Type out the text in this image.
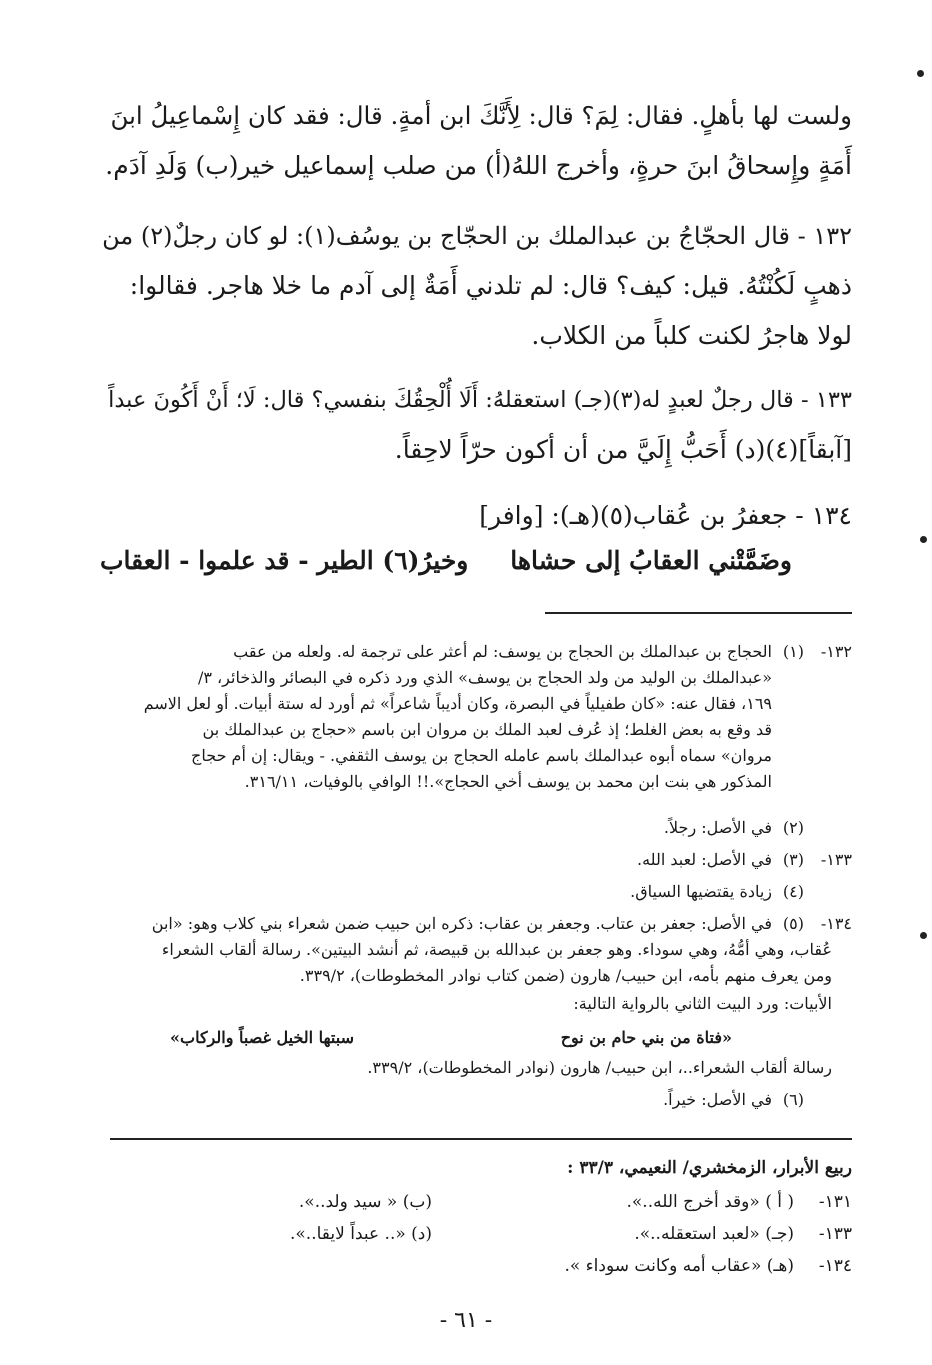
ولست لها بأهلٍ. فقال: لِمَ؟ قال: لِأَنَّكَ ابن أمةٍ. قال: فقد كان إِسْماعِيلُ ابنَ
أَمَةٍ وإِسحاقُ ابنَ حرةٍ، وأخرج اللهُ(أ) من صلب إسماعيل خير(ب) وَلَدِ آدَم.
١٣٢ - قال الحجّاجُ بن عبدالملك بن الحجّاج بن يوسُف(١): لو كان رجلٌ(٢) من
ذهبٍ لَكُنْتُهُ. قيل: كيف؟ قال: لم تلدني أَمَةٌ إلى آدم ما خلا هاجر. فقالوا:
لولا هاجرُ لكنت كلباً من الكلاب.
١٣٣ - قال رجلٌ لعبدٍ له(٣)(جـ) استعقلهُ: أَلَا أُلْحِقُكَ بنفسي؟ قال: لَا؛ أَنْ أَكُونَ عبداً
[آبقاً](٤)(د) أَحَبُّ إِلَيَّ من أن أكون حرّاً لاحِقاً.
١٣٤ - جعفرُ بن عُقاب(٥)(هـ): [وافر]
وضَمَّتْني العقابُ إلى حشاها
وخيرُ(٦) الطير - قد علموا - العقاب
١٣٢-(١)الحجاج بن عبدالملك بن الحجاج بن يوسف: لم أعثر على ترجمة له. ولعله من عقب
«عبدالملك بن الوليد من ولد الحجاج بن يوسف» الذي ورد ذكره في البصائر والذخائر، ٣/
١٦٩، فقال عنه: «كان طفيلياً في البصرة، وكان أديباً شاعراً» ثم أورد له ستة أبيات. أو لعل الاسم
قد وقع به بعض الغلط؛ إذ عُرف لعبد الملك بن مروان ابن باسم «حجاج بن عبدالملك بن
مروان» سماه أبوه عبدالملك باسم عامله الحجاج بن يوسف الثقفي. - ويقال: إن أم حجاج
المذكور هي بنت ابن محمد بن يوسف أخي الحجاج».!! الوافي بالوفيات، ٣١٦/١١.
(٢)في الأصل: رجلاً.
١٣٣-(٣)في الأصل: لعبد الله.
(٤)زيادة يقتضيها السياق.
١٣٤-(٥)في الأصل: جعفر بن عتاب. وجعفر بن عقاب: ذكره ابن حبيب ضمن شعراء بني كلاب وهو: «ابن
عُقاب، وهي أمُّهُ، وهي سوداء. وهو جعفر بن عبدالله بن قبيصة، ثم أنشد البيتين». رسالة ألقاب الشعراء
ومن يعرف منهم بأمه، ابن حبيب/ هارون (ضمن كتاب نوادر المخطوطات)، ٣٣٩/٢.
الأبيات: ورد البيت الثاني بالرواية التالية:
«فتاة من بني حام بن نوح
سبتها الخيل غصباً والركاب»
رسالة ألقاب الشعراء..، ابن حبيب/ هارون (نوادر المخطوطات)، ٣٣٩/٢.
(٦)في الأصل: خيراً.
ربيع الأبرار، الزمخشري/ النعيمي، ٣٣/٣ :
١٣١-
( أ ) «وقد أخرج الله..».
(ب) « سيد ولد..».
١٣٣-
(جـ) «لعبد استعقله..».
(د) «.. عبداً لايقا..».
١٣٤-
(هـ) «عقاب أمه وكانت سوداء ».
- ٦١ -
